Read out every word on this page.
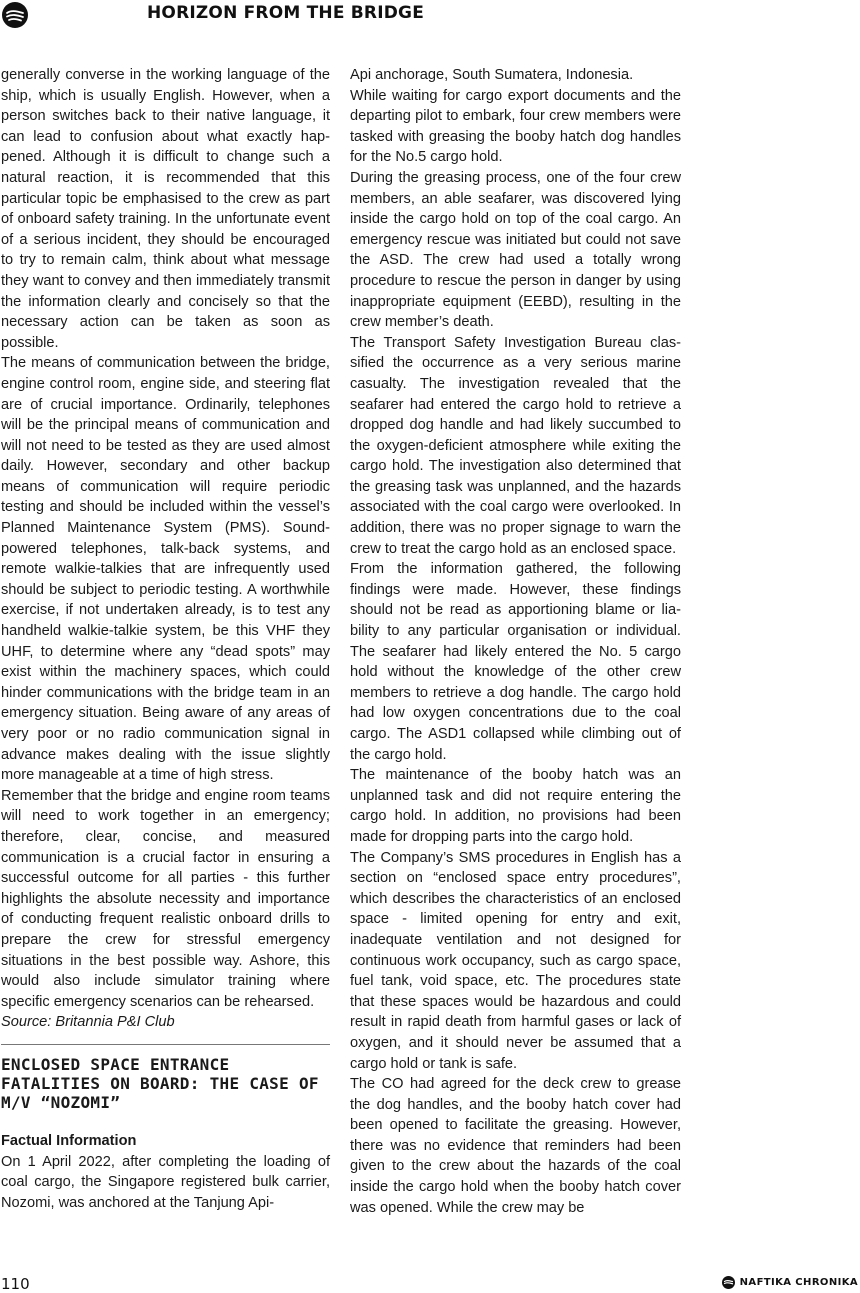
HORIZON FROM THE BRIDGE

generally converse in the working language of the ship, which is usually English. However, when a person switches back to their native language, it can lead to confusion about what exactly happened. Although it is difficult to change such a natural reaction, it is recommended that this particular topic be emphasised to the crew as part of onboard safety training. In the unfortunate event of a serious incident, they should be encouraged to try to remain calm, think about what message they want to convey and then immediately transmit the information clearly and concisely so that the necessary action can be taken as soon as possible.

The means of communication between the bridge, engine control room, engine side, and steering flat are of crucial importance. Ordinarily, telephones will be the principal means of communication and will not need to be tested as they are used almost daily. However, secondary and other backup means of communication will require periodic testing and should be included within the vessel’s Planned Maintenance System (PMS). Sound-powered telephones, talk-back systems, and remote walkie-talkies that are infrequently used should be subject to periodic testing. A worthwhile exercise, if not undertaken already, is to test any handheld walkie-talkie system, be this VHF they UHF, to determine where any “dead spots” may exist within the machinery spaces, which could hinder communications with the bridge team in an emergency situation. Being aware of any areas of very poor or no radio communication signal in advance makes dealing with the issue slightly more manageable at a time of high stress.

Remember that the bridge and engine room teams will need to work together in an emergency; therefore, clear, concise, and measured communication is a crucial factor in ensuring a successful outcome for all parties - this further highlights the absolute necessity and importance of conducting frequent realistic onboard drills to prepare the crew for stressful emergency situations in the best possible way. Ashore, this would also include simulator training where specific emergency scenarios can be rehearsed.

Source: Britannia P&I Club

ENCLOSED SPACE ENTRANCE FATALITIES ON BOARD: THE CASE OF M/V “NOZOMI”

Factual Information

On 1 April 2022, after completing the loading of coal cargo, the Singapore registered bulk carrier, Nozomi, was anchored at the Tanjung Api-

Api anchorage, South Sumatera, Indonesia.

While waiting for cargo export documents and the departing pilot to embark, four crew members were tasked with greasing the booby hatch dog handles for the No.5 cargo hold.

During the greasing process, one of the four crew members, an able seafarer, was discovered lying inside the cargo hold on top of the coal cargo. An emergency rescue was initiated but could not save the ASD. The crew had used a totally wrong procedure to rescue the person in danger by using inappropriate equipment (EEBD), resulting in the crew member’s death.

The Transport Safety Investigation Bureau classified the occurrence as a very serious marine casualty. The investigation revealed that the seafarer had entered the cargo hold to retrieve a dropped dog handle and had likely succumbed to the oxygen-deficient atmosphere while exiting the cargo hold. The investigation also determined that the greasing task was unplanned, and the hazards associated with the coal cargo were overlooked. In addition, there was no proper signage to warn the crew to treat the cargo hold as an enclosed space.

From the information gathered, the following findings were made. However, these findings should not be read as apportioning blame or liability to any particular organisation or individual. The seafarer had likely entered the No. 5 cargo hold without the knowledge of the other crew members to retrieve a dog handle. The cargo hold had low oxygen concentrations due to the coal cargo. The ASD1 collapsed while climbing out of the cargo hold.

The maintenance of the booby hatch was an unplanned task and did not require entering the cargo hold. In addition, no provisions had been made for dropping parts into the cargo hold.

The Company’s SMS procedures in English has a section on “enclosed space entry procedures”, which describes the characteristics of an enclosed space - limited opening for entry and exit, inadequate ventilation and not designed for continuous work occupancy, such as cargo space, fuel tank, void space, etc. The procedures state that these spaces would be hazardous and could result in rapid death from harmful gases or lack of oxygen, and it should never be assumed that a cargo hold or tank is safe.

The CO had agreed for the deck crew to grease the dog handles, and the booby hatch cover had been opened to facilitate the greasing. However, there was no evidence that reminders had been given to the crew about the hazards of the coal inside the cargo hold when the booby hatch cover was opened. While the crew may be

110	NAFTIKA CHRONIKA
